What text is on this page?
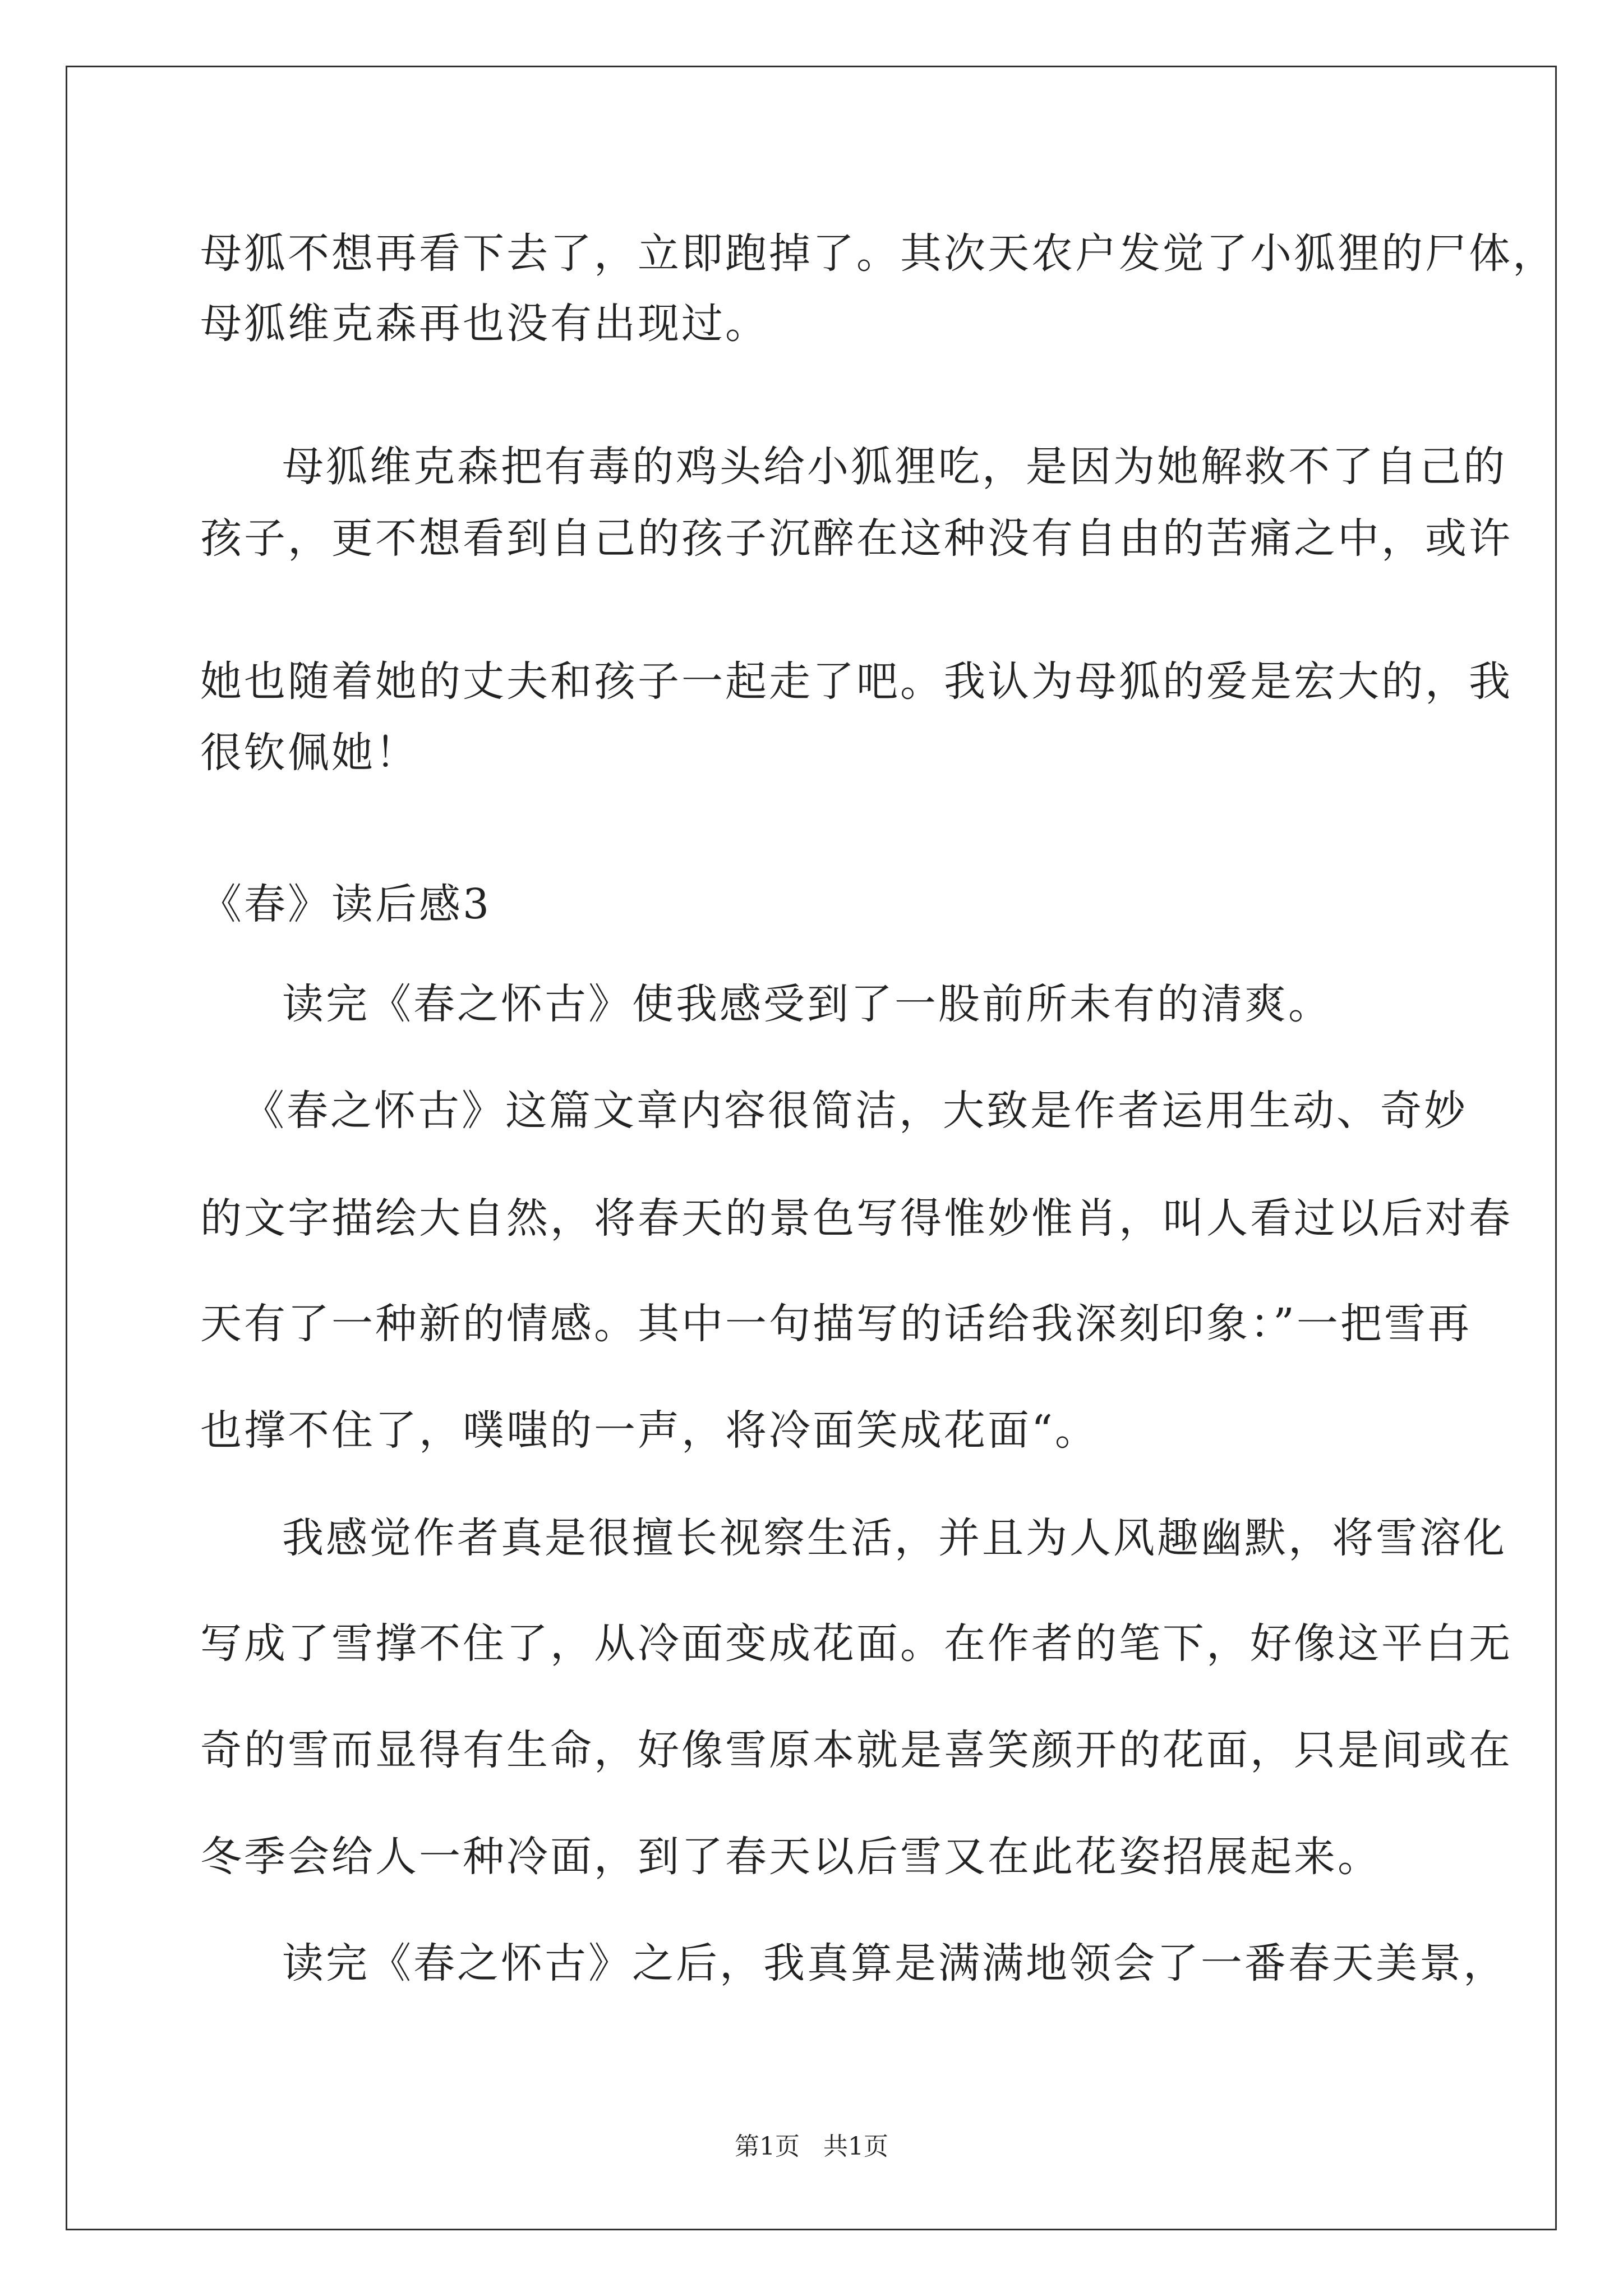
母狐不想再看下去了，立即跑掉了。其次天农户发觉了小狐狸的尸体，
母狐维克森再也没有出现过。
母狐维克森把有毒的鸡头给小狐狸吃，是因为她解救不了自己的
孩子，更不想看到自己的孩子沉醉在这种没有自由的苦痛之中，或许
她也随着她的丈夫和孩子一起走了吧。我认为母狐的爱是宏大的，我
很钦佩她！
《春》读后感3
读完《春之怀古》使我感受到了一股前所未有的清爽。
《春之怀古》这篇文章内容很简洁，大致是作者运用生动、奇妙
的文字描绘大自然，将春天的景色写得惟妙惟肖，叫人看过以后对春
天有了一种新的情感。其中一句描写的话给我深刻印象：”一把雪再
也撑不住了，噗嗤的一声，将冷面笑成花面“。
我感觉作者真是很擅长视察生活，并且为人风趣幽默，将雪溶化
写成了雪撑不住了，从冷面变成花面。在作者的笔下，好像这平白无
奇的雪而显得有生命，好像雪原本就是喜笑颜开的花面，只是间或在
冬季会给人一种冷面，到了春天以后雪又在此花姿招展起来。
读完《春之怀古》之后，我真算是满满地领会了一番春天美景，
第1页   共1页
